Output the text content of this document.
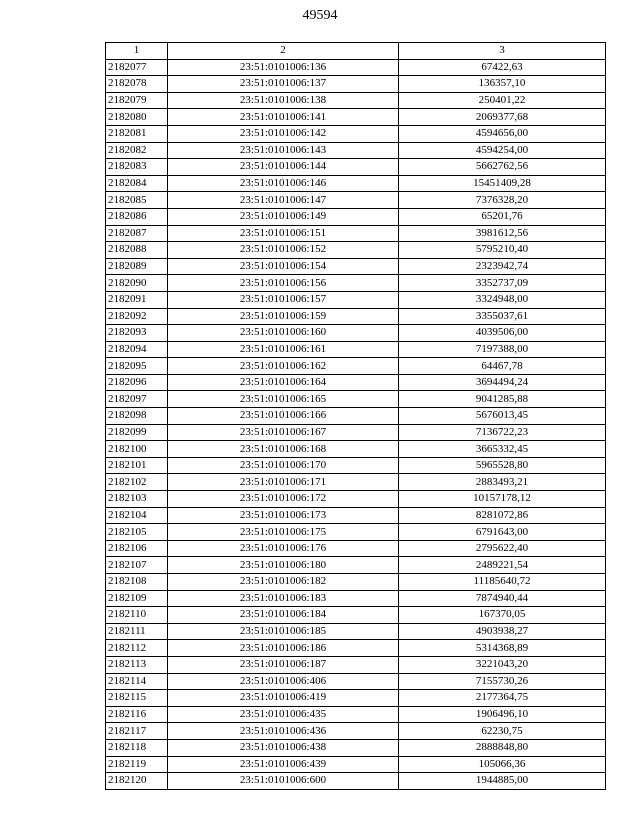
49594
1	2	3
2182077	23:51:0101006:136	67422,63
2182078	23:51:0101006:137	136357,10
2182079	23:51:0101006:138	250401,22
2182080	23:51:0101006:141	2069377,68
2182081	23:51:0101006:142	4594656,00
2182082	23:51:0101006:143	4594254,00
2182083	23:51:0101006:144	5662762,56
2182084	23:51:0101006:146	15451409,28
2182085	23:51:0101006:147	7376328,20
2182086	23:51:0101006:149	65201,76
2182087	23:51:0101006:151	3981612,56
2182088	23:51:0101006:152	5795210,40
2182089	23:51:0101006:154	2323942,74
2182090	23:51:0101006:156	3352737,09
2182091	23:51:0101006:157	3324948,00
2182092	23:51:0101006:159	3355037,61
2182093	23:51:0101006:160	4039506,00
2182094	23:51:0101006:161	7197388,00
2182095	23:51:0101006:162	64467,78
2182096	23:51:0101006:164	3694494,24
2182097	23:51:0101006:165	9041285,88
2182098	23:51:0101006:166	5676013,45
2182099	23:51:0101006:167	7136722,23
2182100	23:51:0101006:168	3665332,45
2182101	23:51:0101006:170	5965528,80
2182102	23:51:0101006:171	2883493,21
2182103	23:51:0101006:172	10157178,12
2182104	23:51:0101006:173	8281072,86
2182105	23:51:0101006:175	6791643,00
2182106	23:51:0101006:176	2795622,40
2182107	23:51:0101006:180	2489221,54
2182108	23:51:0101006:182	11185640,72
2182109	23:51:0101006:183	7874940,44
2182110	23:51:0101006:184	167370,05
2182111	23:51:0101006:185	4903938,27
2182112	23:51:0101006:186	5314368,89
2182113	23:51:0101006:187	3221043,20
2182114	23:51:0101006:406	7155730,26
2182115	23:51:0101006:419	2177364,75
2182116	23:51:0101006:435	1906496,10
2182117	23:51:0101006:436	62230,75
2182118	23:51:0101006:438	2888848,80
2182119	23:51:0101006:439	105066,36
2182120	23:51:0101006:600	1944885,00
